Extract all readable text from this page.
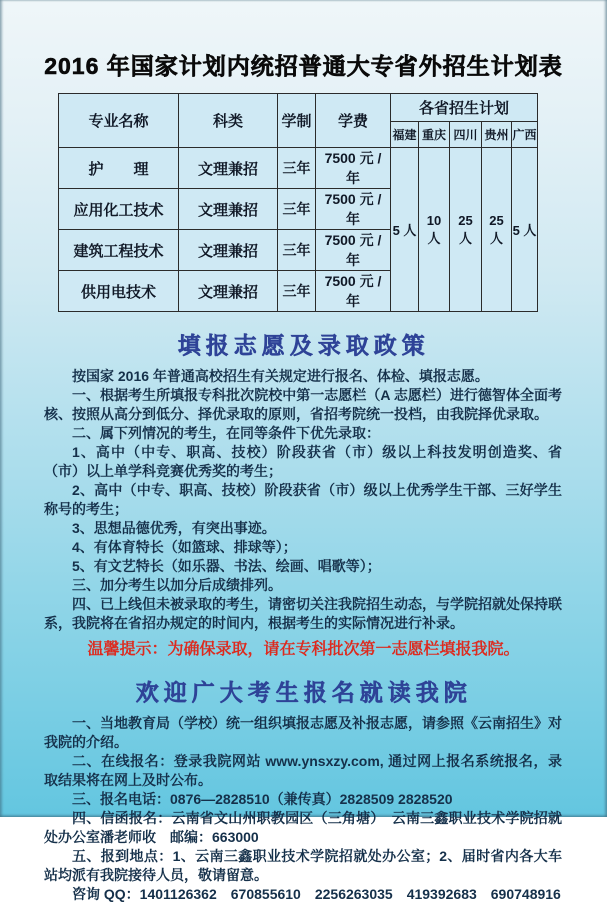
2016 年国家计划内统招普通大专省外招生计划表
专业名称	科类	学制	学费	各省招生计划				
				福建	重庆	四川	贵州	广西
护　　理	文理兼招	三年	7500 元 / 年	5 人	10 人	25 人	25 人	5 人
应用化工技术	文理兼招	三年	7500 元 / 年					
建筑工程技术	文理兼招	三年	7500 元 / 年					
供用电技术	文理兼招	三年	7500 元 / 年					
填报志愿及录取政策

按国家 2016 年普通高校招生有关规定进行报名、体检、填报志愿。

一、根据考生所填报专科批次院校中第一志愿栏（A 志愿栏）进行德智体全面考核、按照从高分到低分、择优录取的原则，省招考院统一投档，由我院择优录取。

二、属下列情况的考生，在同等条件下优先录取：

1、高中（中专、职高、技校）阶段获省（市）级以上科技发明创造奖、省（市）以上单学科竞赛优秀奖的考生；

2、高中（中专、职高、技校）阶段获省（市）级以上优秀学生干部、三好学生称号的考生；

3、思想品德优秀，有突出事迹。

4、有体育特长（如篮球、排球等）；

5、有文艺特长（如乐器、书法、绘画、唱歌等）；

三、加分考生以加分后成绩排列。

四、已上线但未被录取的考生，请密切关注我院招生动态，与学院招就处保持联系，我院将在省招办规定的时间内，根据考生的实际情况进行补录。

温馨提示：为确保录取，请在专科批次第一志愿栏填报我院。
欢迎广大考生报名就读我院

一、当地教育局（学校）统一组织填报志愿及补报志愿，请参照《云南招生》对我院的介绍。

二、在线报名：登录我院网站 www.ynsxzy.com, 通过网上报名系统报名，录取结果将在网上及时公布。

三、报名电话：0876—2828510（兼传真）2828509 2828520

四、信函报名：云南省文山州职教园区（三角塘）　云南三鑫职业技术学院招就处办公室潘老师收　邮编：663000

五、报到地点：1、云南三鑫职业技术学院招就处办公室；2、届时省内各大车站均派有我院接待人员，敬请留意。

咨询 QQ：1401126362　670855610　2256263035　419392683　690748916
